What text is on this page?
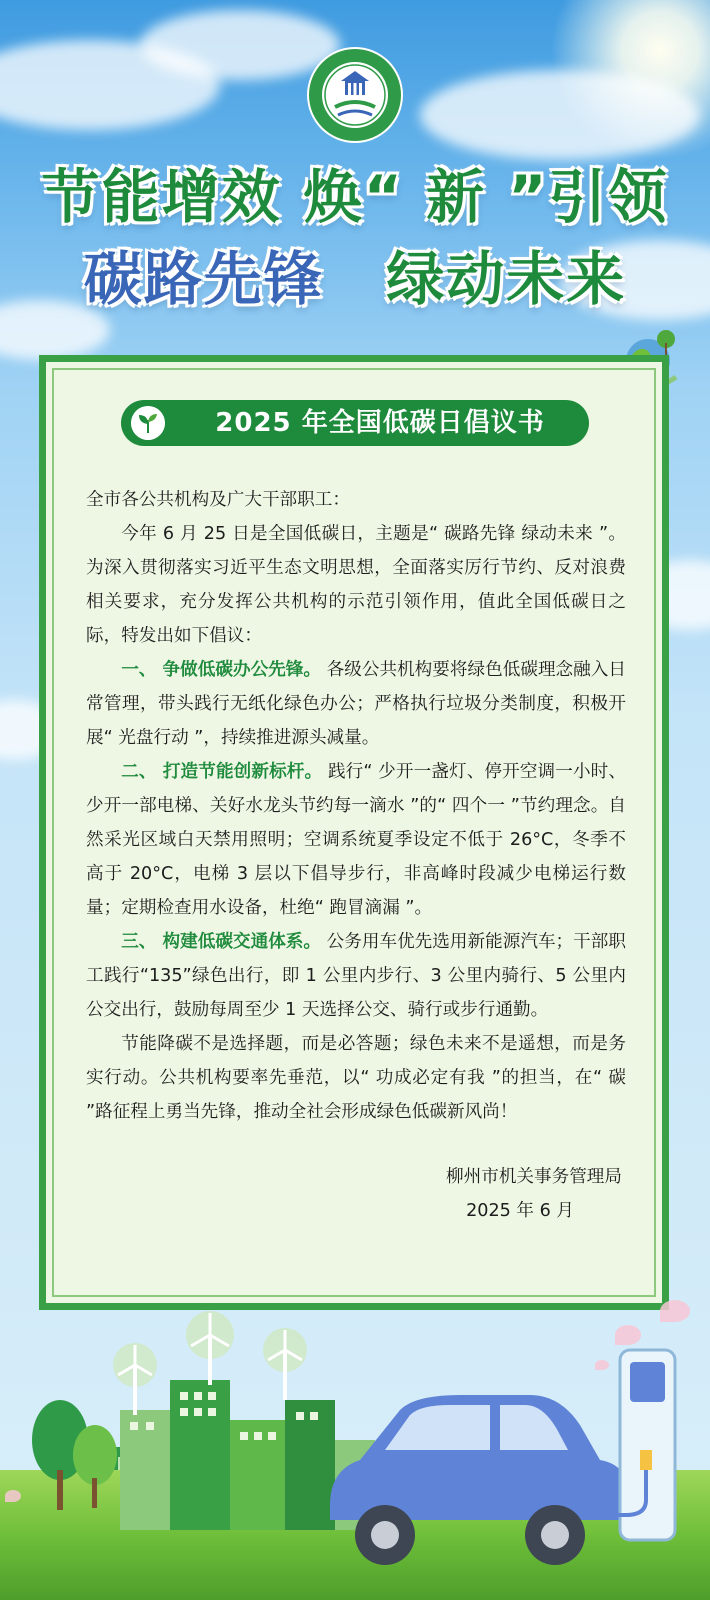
节能增效 焕“ 新 ”引领
碳路先锋 绿动未来
2025 年全国低碳日倡议书

全市各公共机构及广大干部职工：

今年 6 月 25 日是全国低碳日，主题是“ 碳路先锋 绿动未来 ”。为深入贯彻落实习近平生态文明思想，全面落实厉行节约、反对浪费相关要求，充分发挥公共机构的示范引领作用，值此全国低碳日之际，特发出如下倡议：

一、 争做低碳办公先锋。 各级公共机构要将绿色低碳理念融入日常管理，带头践行无纸化绿色办公；严格执行垃圾分类制度，积极开展“ 光盘行动 ”，持续推进源头减量。

二、 打造节能创新标杆。 践行“ 少开一盏灯、停开空调一小时、少开一部电梯、关好水龙头节约每一滴水 ”的“ 四个一 ”节约理念。自然采光区域白天禁用照明；空调系统夏季设定不低于 26°C，冬季不高于 20°C，电梯 3 层以下倡导步行，非高峰时段减少电梯运行数量；定期检查用水设备，杜绝“ 跑冒滴漏 ”。

三、 构建低碳交通体系。 公务用车优先选用新能源汽车；干部职工践行“135”绿色出行，即 1 公里内步行、3 公里内骑行、5 公里内公交出行，鼓励每周至少 1 天选择公交、骑行或步行通勤。

节能降碳不是选择题，而是必答题；绿色未来不是遥想，而是务实行动。公共机构要率先垂范，以“ 功成必定有我 ”的担当，在“ 碳 ”路征程上勇当先锋，推动全社会形成绿色低碳新风尚！

柳州市机关事务管理局
2025 年 6 月
